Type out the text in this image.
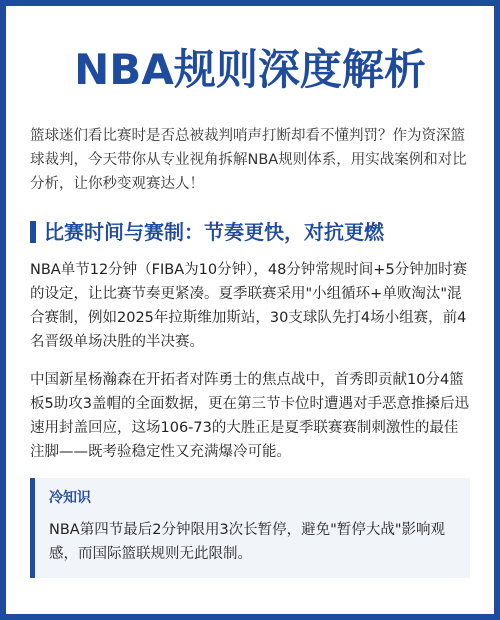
NBA规则深度解析

篮球迷们看比赛时是否总被裁判哨声打断却看不懂判罚？作为资深篮球裁判，今天带你从专业视角拆解NBA规则体系，用实战案例和对比分析，让你秒变观赛达人！

比赛时间与赛制：节奏更快，对抗更燃

NBA单节12分钟（FIBA为10分钟），48分钟常规时间+5分钟加时赛的设定，让比赛节奏更紧凑。夏季联赛采用"小组循环+单败淘汰"混合赛制，例如2025年拉斯维加斯站，30支球队先打4场小组赛，前4名晋级单场决胜的半决赛。

中国新星杨瀚森在开拓者对阵勇士的焦点战中，首秀即贡献10分4篮板5助攻3盖帽的全面数据，更在第三节卡位时遭遇对手恶意推搡后迅速用封盖回应，这场106-73的大胜正是夏季联赛赛制刺激性的最佳注脚——既考验稳定性又充满爆冷可能。

冷知识

NBA第四节最后2分钟限用3次长暂停，避免"暂停大战"影响观感，而国际篮联规则无此限制。
